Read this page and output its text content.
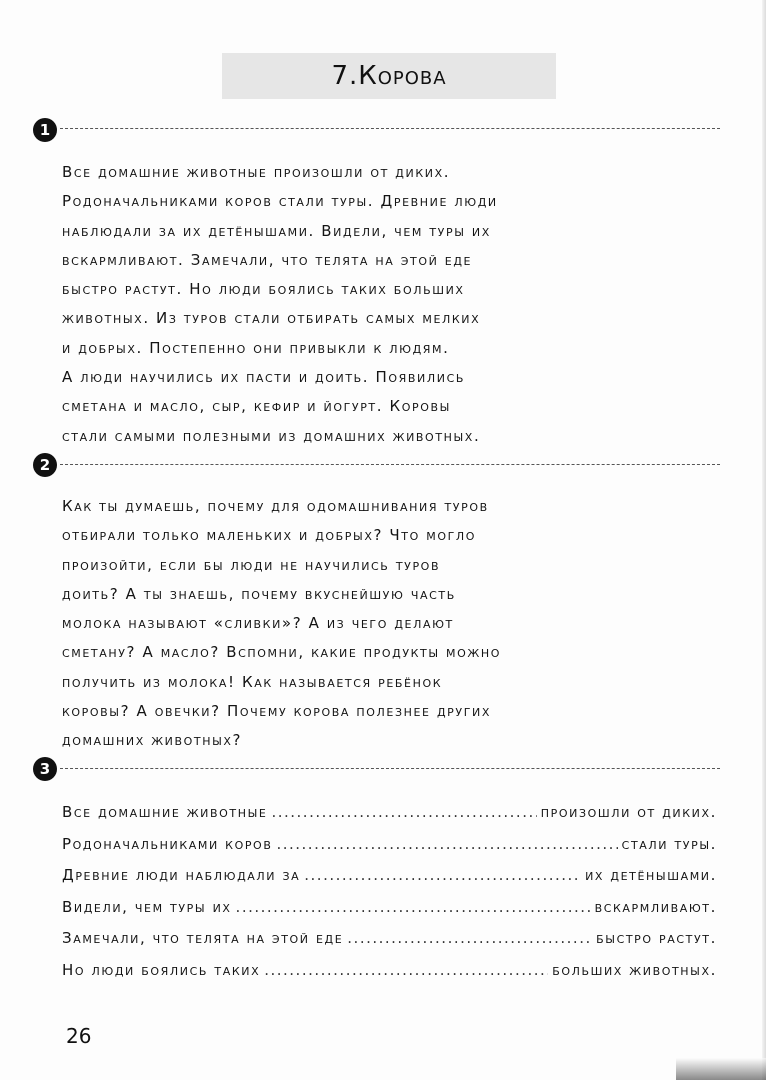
7.Корова
1
Все домашние животные произошли от диких.
Родоначальниками коров стали туры. Древние люди
наблюдали за их детёнышами. Видели, чем туры их
вскармливают. Замечали, что телята на этой еде
быстро растут. Но люди боялись таких больших
животных. Из туров стали отбирать самых мелких
и добрых. Постепенно они привыкли к людям.
А люди научились их пасти и доить. Появились
сметана и масло, сыр, кефир и йогурт. Коровы
стали самыми полезными из домашних животных.
2
Как ты думаешь, почему для одомашнивания туров
отбирали только маленьких и добрых? Что могло
произойти, если бы люди не научились туров
доить? А ты знаешь, почему вкуснейшую часть
молока называют «сливки»? А из чего делают
сметану? А масло? Вспомни, какие продукты можно
получить из молока! Как называется ребёнок
коровы? А овечки? Почему корова полезнее других
домашних животных?
3
Все домашние животные .....	произошли от диких.
Родоначальниками коров .....	стали туры.
Древние люди наблюдали за .....	их детёнышами.
Видели, чем туры их .....	вскармливают.
Замечали, что телята на этой еде .....	быстро растут.
Но люди боялись таких .....	больших животных.
26
